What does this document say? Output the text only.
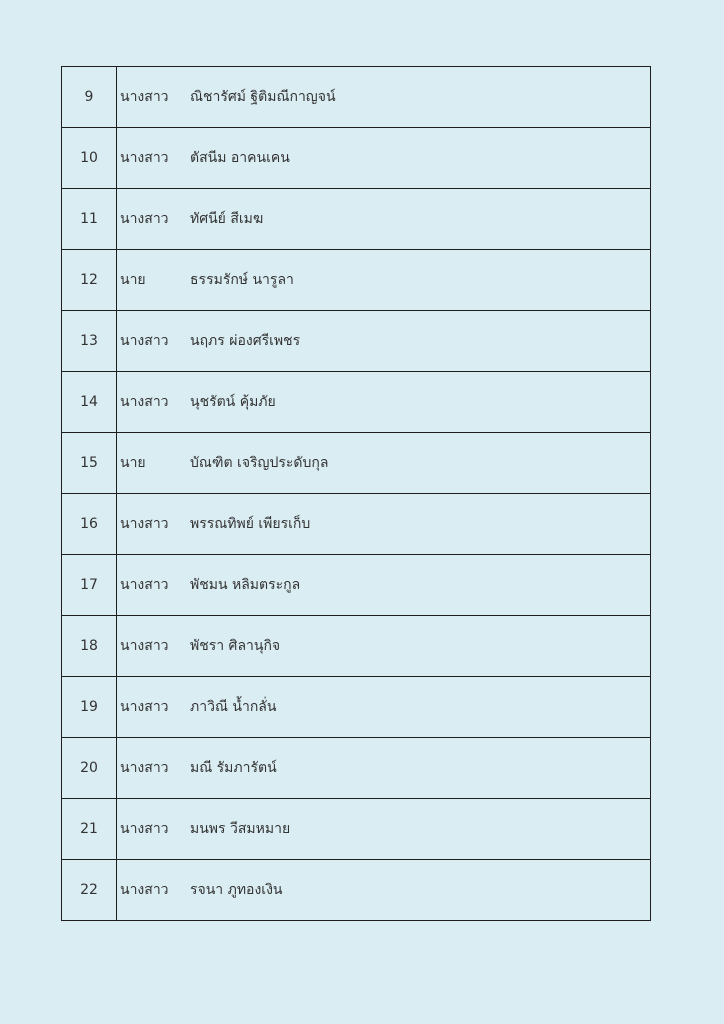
9	นางสาว	ณิชารัศม์ ฐิติมณีกาญจน์
10	นางสาว	ตัสนีม อาคนเคน
11	นางสาว	ทัศนีย์ สีเมฆ
12	นาย	ธรรมรักษ์ นารูลา
13	นางสาว	นฤภร ผ่องศรีเพชร
14	นางสาว	นุชรัตน์ คุ้มภัย
15	นาย	บัณฑิต เจริญประดับกุล
16	นางสาว	พรรณทิพย์ เพียรเก็บ
17	นางสาว	พัชมน หลิมตระกูล
18	นางสาว	พัชรา ศิลานุกิจ
19	นางสาว	ภาวิณี น้ำกลั่น
20	นางสาว	มณี รัมภารัตน์
21	นางสาว	มนพร วีสมหมาย
22	นางสาว	รจนา ภูทองเงิน
